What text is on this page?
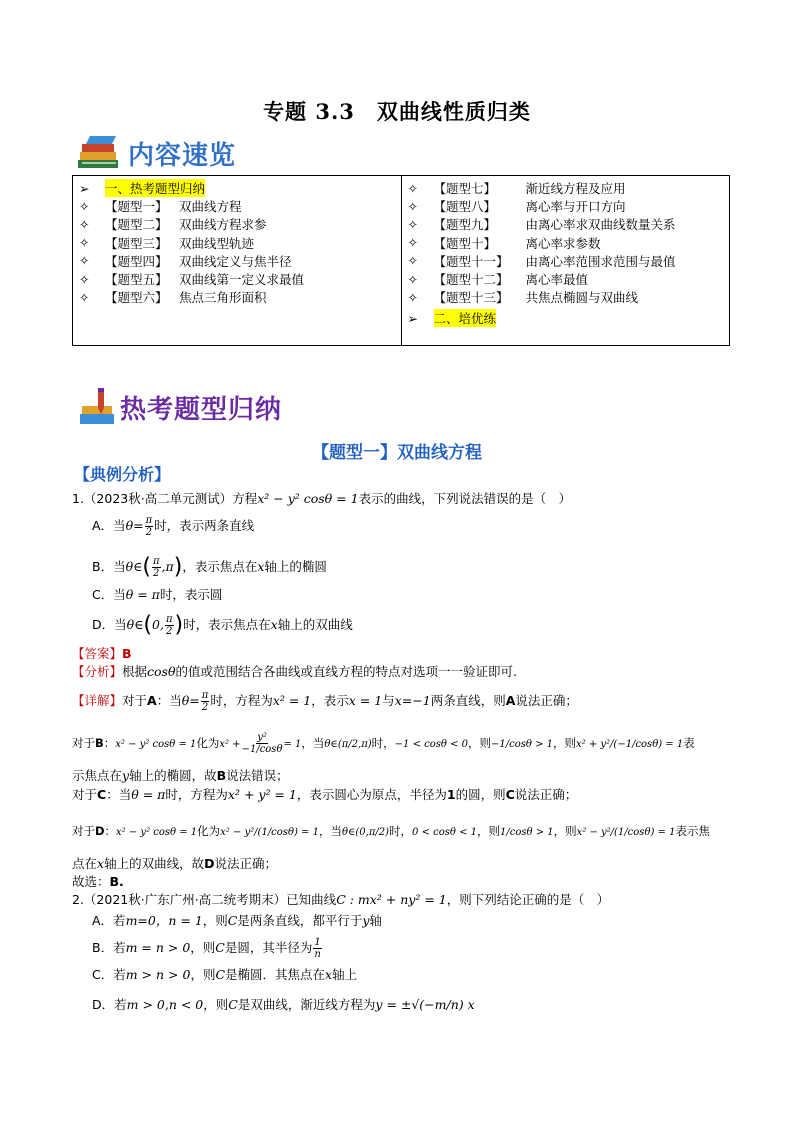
专题 3.3　双曲线性质归类
内容速览
➢	一、热考题型归纳
✧	【题型一】 双曲线方程
✧	【题型二】 双曲线方程求参
✧	【题型三】 双曲线型轨迹
✧	【题型四】 双曲线定义与焦半径
✧	【题型五】 双曲线第一定义求最值
✧	【题型六】 焦点三角形面积

✧	【题型七】	渐近线方程及应用
✧	【题型八】	离心率与开口方向
✧	【题型九】	由离心率求双曲线数量关系
✧	【题型十】	离心率求参数
✧	【题型十一】	由离心率范围求范围与最值
✧	【题型十二】	离心率最值
✧	【题型十三】	共焦点椭圆与双曲线
➢	二、培优练
热考题型归纳
【题型一】双曲线方程
【典例分析】
1.（2023秋·高二单元测试）方程x² − y² cosθ = 1表示的曲线，下列说法错误的是（　）
A．当$\theta= \frac{\pi}{2}$ 时，表示两条直线
B．当θ∈( $\frac{\pi}{2} ,\pi$)，表示焦点在x轴上的椭圆
C．当θ = π时，表示圆
D．当θ∈(0, $\frac{\pi}{2}$ )时，表示焦点在x轴上的双曲线
【答案】B
【分析】根据cosθ的值或范围结合各曲线或直线方程的特点对选项一一验证即可.
【详解】对于A：当$\theta= \frac{\pi}{2}$ 时，方程为x² = 1，表示x = 1与x=−1两条直线，则A说法正确；
对于B：x² − y² cosθ = 1化为$x^2 + \frac{\text{y²}}{-1/\cos\theta} = 1$，当θ∈(π/2,π)时，−1 < cosθ < 0，则−1/cosθ > 1，则x² + y²/(−1/cosθ) = 1表
示焦点在y轴上的椭圆，故B说法错误；
对于C：当θ = π时，方程为x² + y² = 1，表示圆心为原点，半径为1的圆，则C说法正确；
对于D：x² − y² cosθ = 1化为x² − y²/(1/cosθ) = 1，当θ∈(0,π/2)时，0 < cosθ < 1，则1/cosθ > 1，则x² − y²/(1/cosθ) = 1表示焦
点在x轴上的双曲线，故D说法正确；
故选：B.
2.（2021秋·广东广州·高二统考期末）已知曲线C : mx² + ny² = 1，则下列结论正确的是（　）
A．若m=0，n = 1，则C是两条直线，都平行于y轴
B．若m = n > 0，则C是圆，其半径为 $\frac{1}{n}$
C．若m > n > 0，则C是椭圆．其焦点在x轴上
D．若m > 0,n < 0，则C是双曲线，渐近线方程为y = ±√(−m/n) x
